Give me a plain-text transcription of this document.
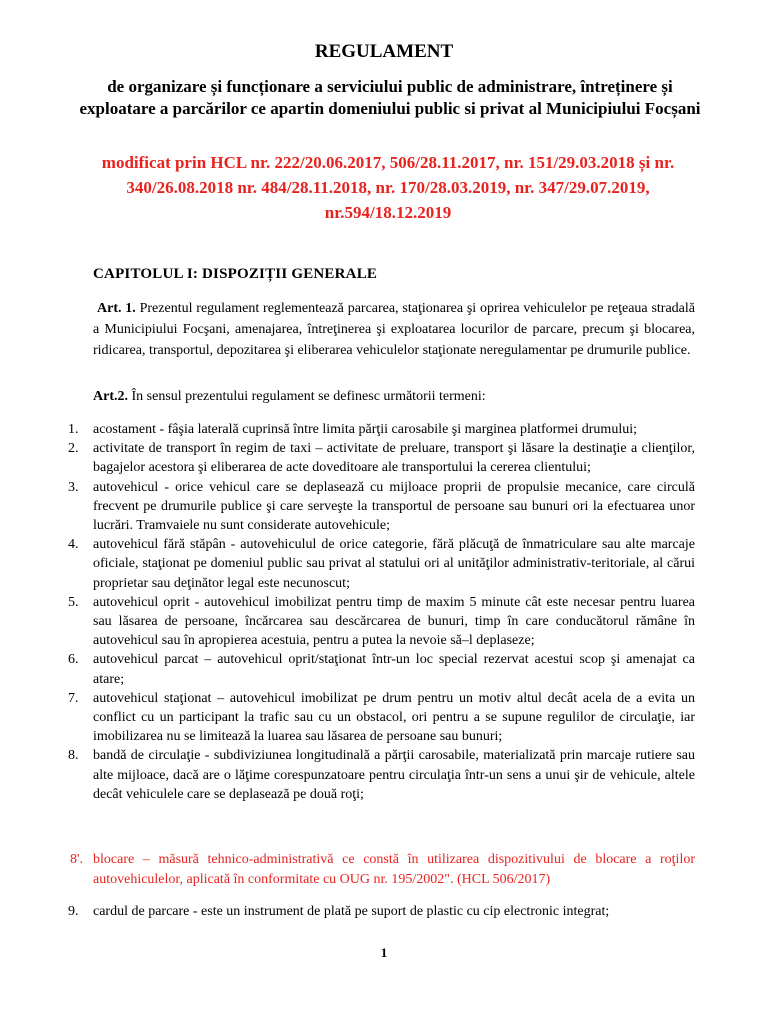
REGULAMENT
de organizare și funcționare a serviciului public de administrare, întreținere și exploatare a parcărilor ce apartin domeniului public si privat al Municipiului Focșani
modificat prin HCL nr. 222/20.06.2017, 506/28.11.2017, nr. 151/29.03.2018 și nr. 340/26.08.2018 nr. 484/28.11.2018, nr. 170/28.03.2019, nr. 347/29.07.2019, nr.594/18.12.2019
CAPITOLUL I: DISPOZIȚII GENERALE
Art. 1. Prezentul regulament reglementează parcarea, staţionarea şi oprirea vehiculelor pe reţeaua stradală a Municipiului Focşani, amenajarea, întreţinerea şi exploatarea locurilor de parcare, precum şi blocarea, ridicarea, transportul, depozitarea şi eliberarea vehiculelor staţionate neregulamentar pe drumurile publice.
Art.2. În sensul prezentului regulament se definesc următorii termeni:
1. acostament - fâşia laterală cuprinsă între limita părţii carosabile şi marginea platformei drumului;
2. activitate de transport în regim de taxi – activitate de preluare, transport şi lăsare la destinaţie a clienţilor, bagajelor acestora şi eliberarea de acte doveditoare ale transportului la cererea clientului;
3. autovehicul - orice vehicul care se deplasează cu mijloace proprii de propulsie mecanice, care circulă frecvent pe drumurile publice şi care serveşte la transportul de persoane sau bunuri ori la efectuarea unor lucrări. Tramvaiele nu sunt considerate autovehicule;
4. autovehicul fără stăpân - autovehiculul de orice categorie, fără plăcuţă de înmatriculare sau alte marcaje oficiale, staţionat pe domeniul public sau privat al statului ori al unităţilor administrativ-teritoriale, al cărui proprietar sau deţinător legal este necunoscut;
5. autovehicul oprit - autovehicul imobilizat pentru timp de maxim 5 minute cât este necesar pentru luarea sau lăsarea de persoane, încărcarea sau descărcarea de bunuri, timp în care conducătorul rămâne în autovehicul sau în apropierea acestuia, pentru a putea la nevoie să–l deplaseze;
6. autovehicul parcat – autovehicul oprit/staţionat într-un loc special rezervat acestui scop şi amenajat ca atare;
7. autovehicul staţionat – autovehicul imobilizat pe drum pentru un motiv altul decât acela de a evita un conflict cu un participant la trafic sau cu un obstacol, ori pentru a se supune regulilor de circulaţie, iar imobilizarea nu se limitează la luarea sau lăsarea de persoane sau bunuri;
8. bandă de circulaţie - subdiviziunea longitudinală a părţii carosabile, materializată prin marcaje rutiere sau alte mijloace, dacă are o lăţime corespunzatoare pentru circulaţia într-un sens a unui şir de vehicule, altele decât vehiculele care se deplasează pe două roţi;
8'. blocare – măsură tehnico-administrativă ce constă în utilizarea dispozitivului de blocare a roţilor autovehiculelor, aplicată în conformitate cu OUG nr. 195/2002". (HCL 506/2017)
9.	cardul de parcare - este un instrument de plată pe suport de plastic cu cip electronic integrat;
1
